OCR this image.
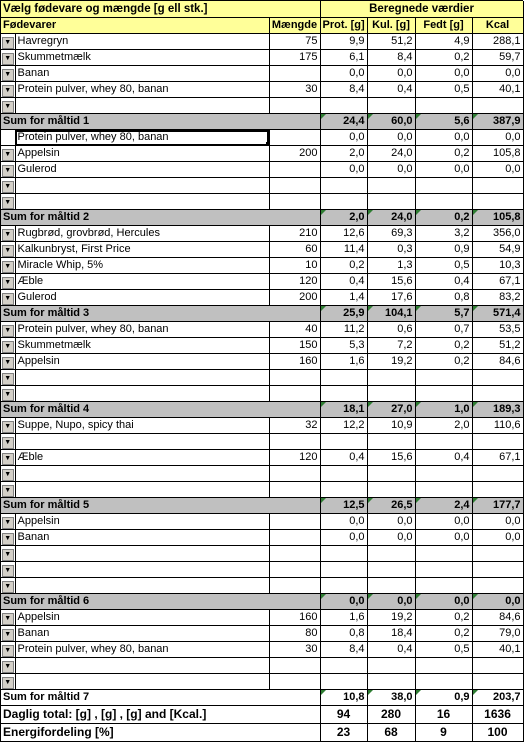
Vælg fødevare og mængde [g ell stk.]			Beregnede værdier			
Fødevarer		Mængde	Prot. [g]	Kul. [g]	Fedt [g]	Kcal
▼	Havregryn	75	9,9	51,2	4,9	288,1
▼	Skummetmælk	175	6,1	8,4	0,2	59,7
▼	Banan		0,0	0,0	0,0	0,0
▼	Protein pulver, whey 80, banan	30	8,4	0,4	0,5	40,1
▼						
Sum for måltid 1			24,4	60,0	5,6	387,9
	Protein pulver, whey 80, banan		0,0	0,0	0,0	0,0
▼	Appelsin	200	2,0	24,0	0,2	105,8
▼	Gulerod		0,0	0,0	0,0	0,0
▼						
▼						
Sum for måltid 2			2,0	24,0	0,2	105,8
▼	Rugbrød, grovbrød, Hercules	210	12,6	69,3	3,2	356,0
▼	Kalkunbryst, First Price	60	11,4	0,3	0,9	54,9
▼	Miracle Whip, 5%	10	0,2	1,3	0,5	10,3
▼	Æble	120	0,4	15,6	0,4	67,1
▼	Gulerod	200	1,4	17,6	0,8	83,2
Sum for måltid 3			25,9	104,1	5,7	571,4
▼	Protein pulver, whey 80, banan	40	11,2	0,6	0,7	53,5
▼	Skummetmælk	150	5,3	7,2	0,2	51,2
▼	Appelsin	160	1,6	19,2	0,2	84,6
▼						
▼						
Sum for måltid 4			18,1	27,0	1,0	189,3
▼	Suppe, Nupo, spicy thai	32	12,2	10,9	2,0	110,6
▼						
▼	Æble	120	0,4	15,6	0,4	67,1
▼						
▼						
Sum for måltid 5			12,5	26,5	2,4	177,7
▼	Appelsin		0,0	0,0	0,0	0,0
▼	Banan		0,0	0,0	0,0	0,0
▼						
▼						
▼						
Sum for måltid 6			0,0	0,0	0,0	0,0
▼	Appelsin	160	1,6	19,2	0,2	84,6
▼	Banan	80	0,8	18,4	0,2	79,0
▼	Protein pulver, whey 80, banan	30	8,4	0,4	0,5	40,1
▼						
▼						
Sum for måltid 7			10,8	38,0	0,9	203,7
Daglig total: [g] , [g] , [g] and [Kcal.]			94	280	16	1636
Energifordeling [%]			23	68	9	100
